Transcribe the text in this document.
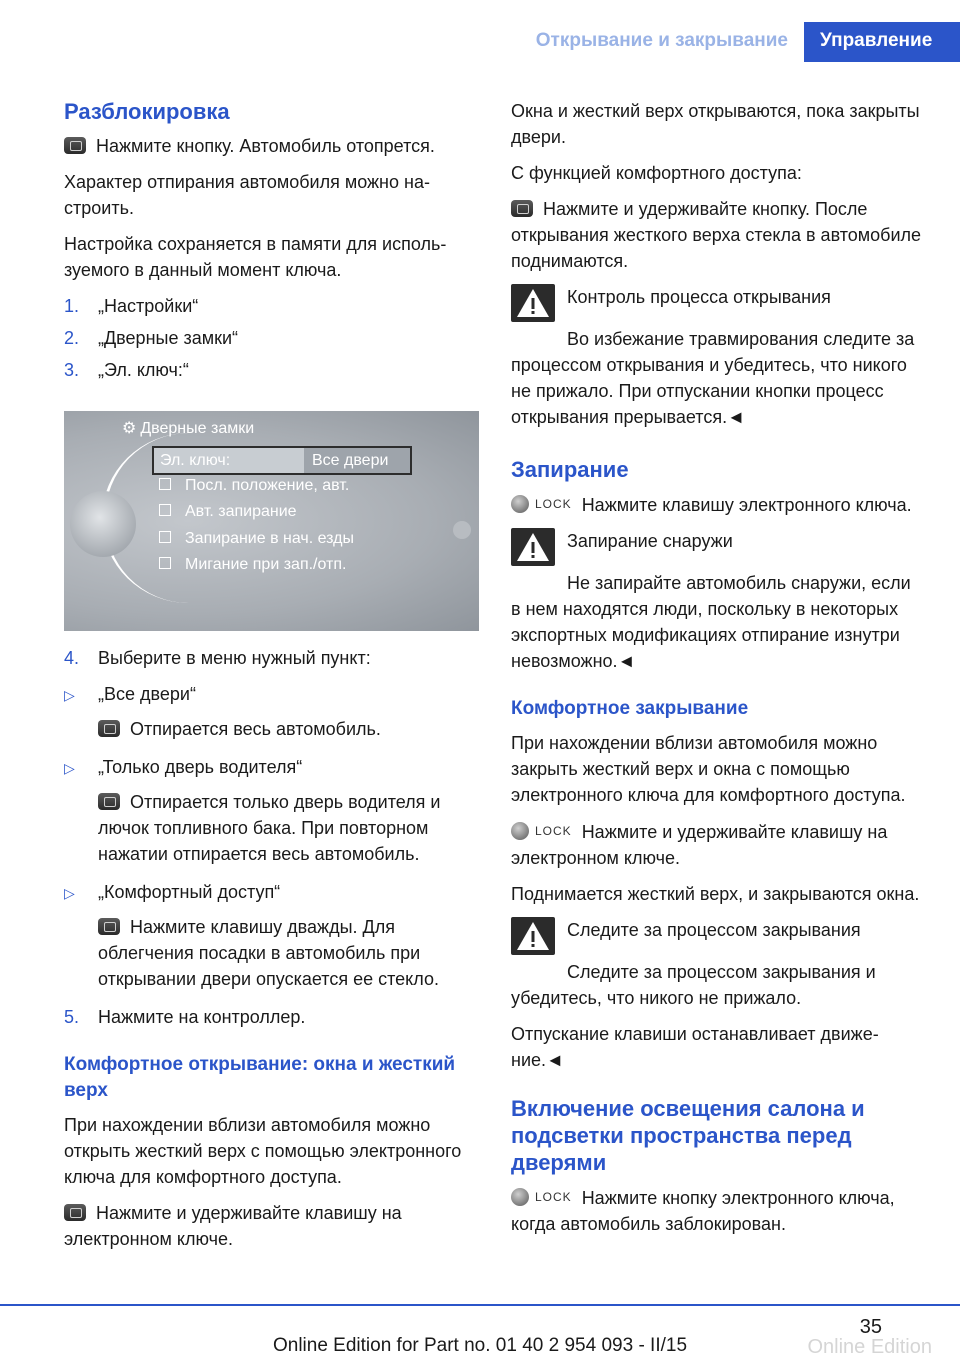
Открывание и закрывание	Управление
Разблокировка

Нажмите кнопку. Автомобиль отопрется.

Характер отпирания автомобиля можно настроить.

Настройка сохраняется в памяти для используемого в данный момент ключа.

1.	„Настройки“
2.	„Дверные замки“
3.	„Эл. ключ:“
⚙ Дверные замки
Эл. ключ:	Все двери
Посл. положение, авт.
Авт. запирание
Запирание в нач. езды
Мигание при зап./отп.
4.	Выберите в меню нужный пункт:
▷ „Все двери“
Отпирается весь автомобиль.
▷ „Только дверь водителя“
Отпирается только дверь водителя и лючок топливного бака. При повторном нажатии отпирается весь автомобиль.
▷ „Комфортный доступ“
Нажмите клавишу дважды. Для облегчения посадки в автомобиль при открывании двери опускается ее стекло.
5.	Нажмите на контроллер.
Комфортное открывание: окна и жесткий верх

При нахождении вблизи автомобиля можно открыть жесткий верх с помощью электронного ключа для комфортного доступа.

Нажмите и удерживайте клавишу на электронном ключе.

Окна и жесткий верх открываются, пока закрыты двери.

С функцией комфортного доступа:

Нажмите и удерживайте кнопку. После открывания жесткого верха стекла в автомобиле поднимаются.

Контроль процесса открывания

Во избежание травмирования следите за процессом открывания и убедитесь, что никого не прижало. При отпускании кнопки процесс открывания прерывается.◄

Запирание

LOCK Нажмите клавишу электронного ключа.

Запирание снаружи

Не запирайте автомобиль снаружи, если в нем находятся люди, поскольку в некоторых экспортных модификациях отпирание изнутри невозможно.◄

Комфортное закрывание

При нахождении вблизи автомобиля можно закрыть жесткий верх и окна с помощью электронного ключа для комфортного доступа.

LOCK Нажмите и удерживайте клавишу на электронном ключе.

Поднимается жесткий верх, и закрываются окна.

Следите за процессом закрывания

Следите за процессом закрывания и убедитесь, что никого не прижало.

Отпускание клавиши останавливает движение.◄

Включение освещения салона и подсветки пространства перед дверями

LOCK Нажмите кнопку электронного ключа, когда автомобиль заблокирован.

35
Online Edition for Part no. 01 40 2 954 093 - II/15	Online Edition
